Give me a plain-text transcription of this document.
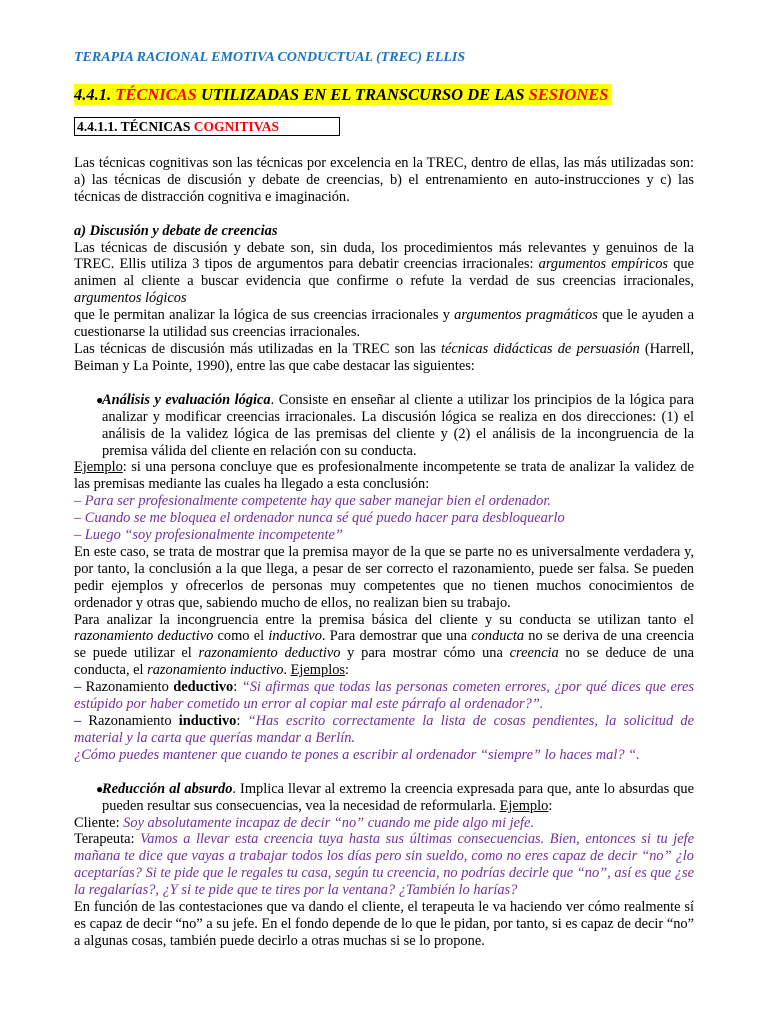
TERAPIA RACIONAL EMOTIVA CONDUCTUAL (TREC) ELLIS

4.4.1. TÉCNICAS UTILIZADAS EN EL TRANSCURSO DE LAS SESIONES
4.4.1.1. TÉCNICAS COGNITIVAS

Las técnicas cognitivas son las técnicas por excelencia en la TREC, dentro de ellas, las más utilizadas son: a) las técnicas de discusión y debate de creencias, b) el entrenamiento en auto-instrucciones y c) las técnicas de distracción cognitiva e imaginación.

a) Discusión y debate de creencias

Las técnicas de discusión y debate son, sin duda, los procedimientos más relevantes y genuinos de la TREC. Ellis utiliza 3 tipos de argumentos para debatir creencias irracionales: argumentos empíricos que animen al cliente a buscar evidencia que confirme o refute la verdad de sus creencias irracionales, argumentos lógicos

que le permitan analizar la lógica de sus creencias irracionales y argumentos pragmáticos que le ayuden a cuestionarse la utilidad sus creencias irracionales.

Las técnicas de discusión más utilizadas en la TREC son las técnicas didácticas de persuasión (Harrell, Beiman y La Pointe, 1990), entre las que cabe destacar las siguientes:

●

Análisis y evaluación lógica. Consiste en enseñar al cliente a utilizar los principios de la lógica para analizar y modificar creencias irracionales. La discusión lógica se realiza en dos direcciones: (1) el análisis de la validez lógica de las premisas del cliente y (2) el análisis de la incongruencia de la premisa válida del cliente en relación con su conducta.

Ejemplo: si una persona concluye que es profesionalmente incompetente se trata de analizar la validez de las premisas mediante las cuales ha llegado a esta conclusión:

– Para ser profesionalmente competente hay que saber manejar bien el ordenador.

– Cuando se me bloquea el ordenador nunca sé qué puedo hacer para desbloquearlo

– Luego “soy profesionalmente incompetente”

En este caso, se trata de mostrar que la premisa mayor de la que se parte no es universalmente verdadera y, por tanto, la conclusión a la que llega, a pesar de ser correcto el razonamiento, puede ser falsa. Se pueden pedir ejemplos y ofrecerlos de personas muy competentes que no tienen muchos conocimientos de ordenador y otras que, sabiendo mucho de ellos, no realizan bien su trabajo.

Para analizar la incongruencia entre la premisa básica del cliente y su conducta se utilizan tanto el razonamiento deductivo como el inductivo. Para demostrar que una conducta no se deriva de una creencia se puede utilizar el razonamiento deductivo y para mostrar cómo una creencia no se deduce de una conducta, el razonamiento inductivo. Ejemplos:

– Razonamiento deductivo: “Si afirmas que todas las personas cometen errores, ¿por qué dices que eres estúpido por haber cometido un error al copiar mal este párrafo al ordenador?”.

– Razonamiento inductivo: “Has escrito correctamente la lista de cosas pendientes, la solicitud de material y la carta que querías mandar a Berlín.

¿Cómo puedes mantener que cuando te pones a escribir al ordenador “siempre” lo haces mal? “.

●

Reducción al absurdo. Implica llevar al extremo la creencia expresada para que, ante lo absurdas que pueden resultar sus consecuencias, vea la necesidad de reformularla. Ejemplo:

Cliente: Soy absolutamente incapaz de decir “no” cuando me pide algo mi jefe.

Terapeuta: Vamos a llevar esta creencia tuya hasta sus últimas consecuencias. Bien, entonces si tu jefe mañana te dice que vayas a trabajar todos los días pero sin sueldo, como no eres capaz de decir “no” ¿lo aceptarías? Si te pide que le regales tu casa, según tu creencia, no podrías decirle que “no”, así es que ¿se la regalarías?, ¿Y si te pide que te tires por la ventana? ¿También lo harías?

En función de las contestaciones que va dando el cliente, el terapeuta le va haciendo ver cómo realmente sí es capaz de decir “no” a su jefe. En el fondo depende de lo que le pidan, por tanto, si es capaz de decir “no” a algunas cosas, también puede decirlo a otras muchas si se lo propone.
